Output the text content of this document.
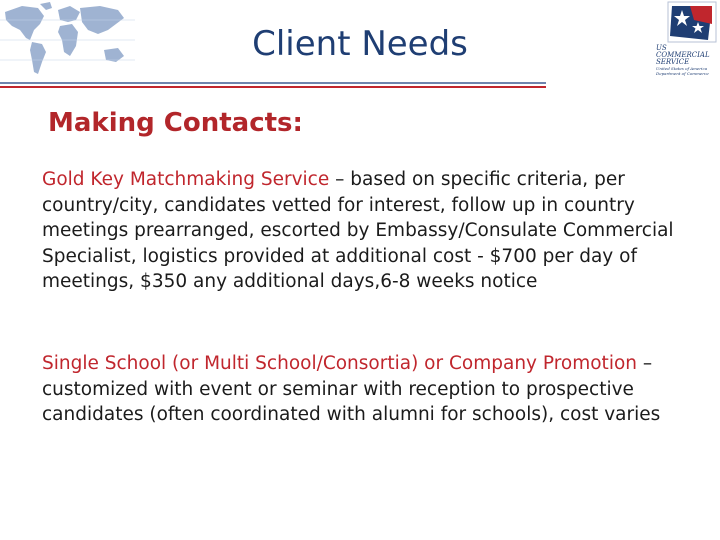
US
COMMERCIAL
SERVICE
United States of America
Department of Commerce
Client Needs
Making Contacts:

Gold Key Matchmaking Service – based on specific criteria, per country/city, candidates vetted for interest, follow up in country meetings prearranged, escorted by Embassy/Consulate Commercial Specialist, logistics provided at additional cost - $700 per day of meetings, $350 any additional days,6-8 weeks notice

Single School (or Multi School/Consortia) or Company Promotion – customized with event or seminar with reception to prospective candidates (often coordinated with alumni for schools), cost varies
